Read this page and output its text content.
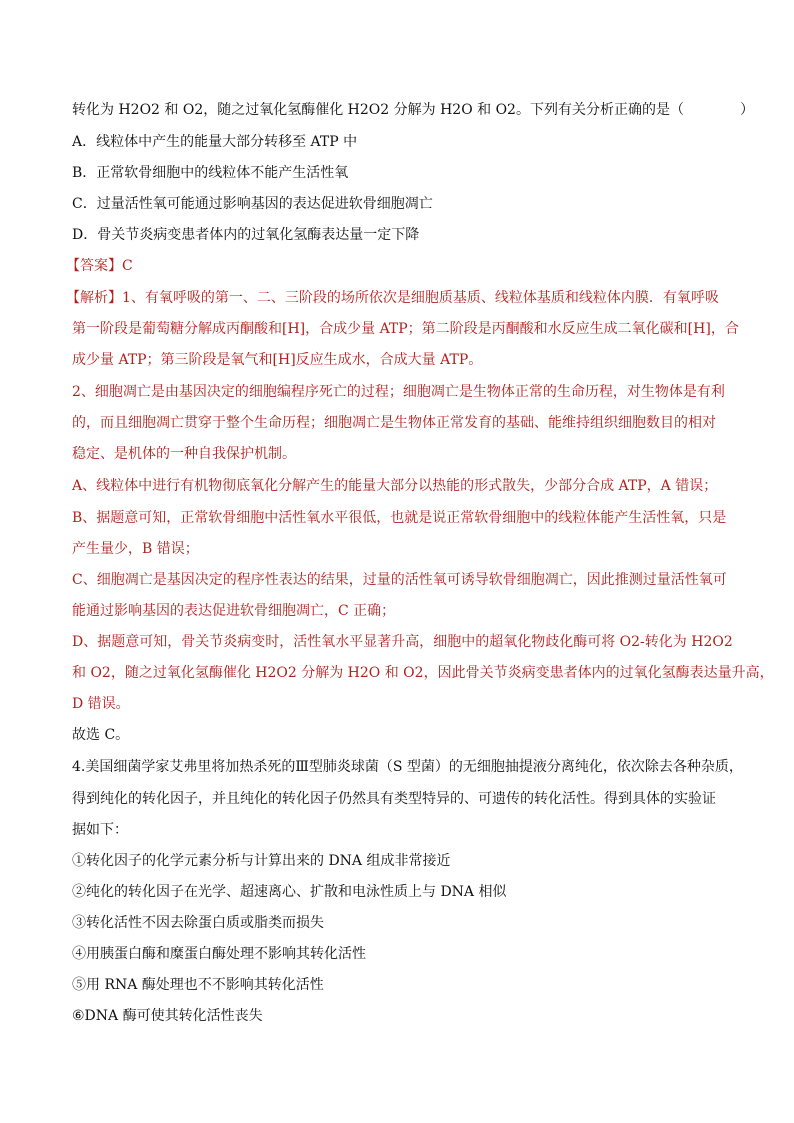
转化为 H2O2 和 O2，随之过氧化氢酶催化 H2O2 分解为 H2O 和 O2。下列有关分析正确的是（	）
A．线粒体中产生的能量大部分转移至 ATP 中
B．正常软骨细胞中的线粒体不能产生活性氧
C．过量活性氧可能通过影响基因的表达促进软骨细胞凋亡
D．骨关节炎病变患者体内的过氧化氢酶表达量一定下降
【答案】C
【解析】1、有氧呼吸的第一、二、三阶段的场所依次是细胞质基质、线粒体基质和线粒体内膜．有氧呼吸
第一阶段是葡萄糖分解成丙酮酸和[H]，合成少量 ATP；第二阶段是丙酮酸和水反应生成二氧化碳和[H]，合
成少量 ATP；第三阶段是氧气和[H]反应生成水，合成大量 ATP。
2、细胞凋亡是由基因决定的细胞编程序死亡的过程；细胞凋亡是生物体正常的生命历程，对生物体是有利
的，而且细胞凋亡贯穿于整个生命历程；细胞凋亡是生物体正常发育的基础、能维持组织细胞数目的相对
稳定、是机体的一种自我保护机制。
A、线粒体中进行有机物彻底氧化分解产生的能量大部分以热能的形式散失，少部分合成 ATP，A 错误；
B、据题意可知，正常软骨细胞中活性氧水平很低，也就是说正常软骨细胞中的线粒体能产生活性氧，只是
产生量少，B 错误；
C、细胞凋亡是基因决定的程序性表达的结果，过量的活性氧可诱导软骨细胞凋亡，因此推测过量活性氧可
能通过影响基因的表达促进软骨细胞凋亡，C 正确；
D、据题意可知，骨关节炎病变时，活性氧水平显著升高，细胞中的超氧化物歧化酶可将 O2-转化为 H2O2
和 O2，随之过氧化氢酶催化 H2O2 分解为 H2O 和 O2，因此骨关节炎病变患者体内的过氧化氢酶表达量升高，
D 错误。
故选 C。
4.美国细菌学家艾弗里将加热杀死的Ⅲ型肺炎球菌（S 型菌）的无细胞抽提液分离纯化，依次除去各种杂质，
得到纯化的转化因子，并且纯化的转化因子仍然具有类型特异的、可遗传的转化活性。得到具体的实验证
据如下：
①转化因子的化学元素分析与计算出来的 DNA 组成非常接近
②纯化的转化因子在光学、超速离心、扩散和电泳性质上与 DNA 相似
③转化活性不因去除蛋白质或脂类而损失
④用胰蛋白酶和糜蛋白酶处理不影响其转化活性
⑤用 RNA 酶处理也不不影响其转化活性
⑥DNA 酶可使其转化活性丧失
